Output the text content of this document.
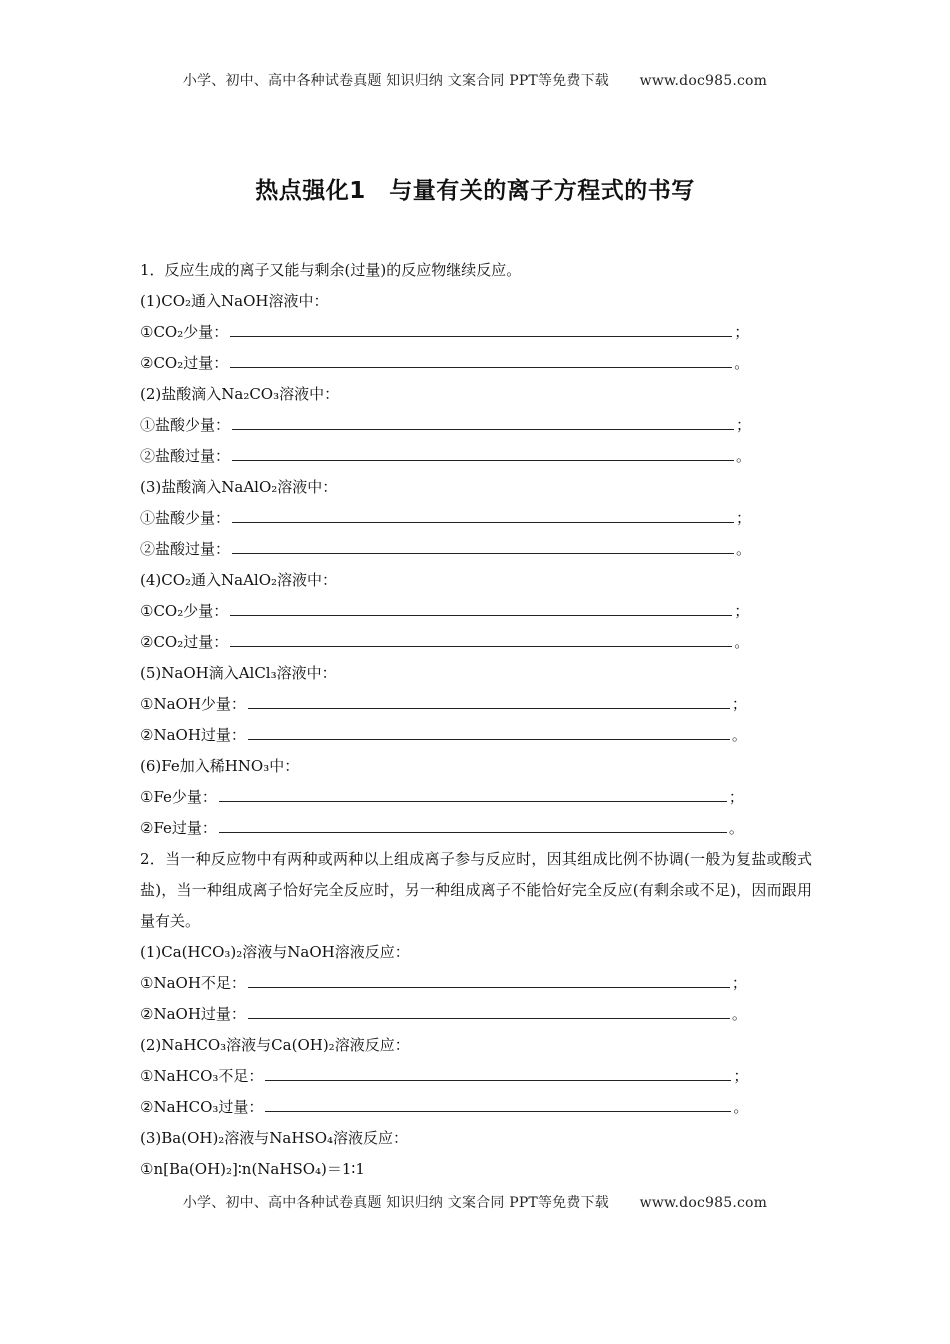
小学、初中、高中各种试卷真题 知识归纳 文案合同 PPT等免费下载 www.doc985.com
热点强化1　与量有关的离子方程式的书写
1．反应生成的离子又能与剩余(过量)的反应物继续反应。
(1)CO₂通入NaOH溶液中：
①CO₂少量：	；
②CO₂过量：	。
(2)盐酸滴入Na₂CO₃溶液中：
①盐酸少量：	；
②盐酸过量：	。
(3)盐酸滴入NaAlO₂溶液中：
①盐酸少量：	；
②盐酸过量：	。
(4)CO₂通入NaAlO₂溶液中：
①CO₂少量：	；
②CO₂过量：	。
(5)NaOH滴入AlCl₃溶液中：
①NaOH少量：	；
②NaOH过量：	。
(6)Fe加入稀HNO₃中：
①Fe少量：	；
②Fe过量：	。
2．当一种反应物中有两种或两种以上组成离子参与反应时，因其组成比例不协调(一般为复盐或酸式盐)，当一种组成离子恰好完全反应时，另一种组成离子不能恰好完全反应(有剩余或不足)，因而跟用量有关。
(1)Ca(HCO₃)₂溶液与NaOH溶液反应：
①NaOH不足：	；
②NaOH过量：	。
(2)NaHCO₃溶液与Ca(OH)₂溶液反应：
①NaHCO₃不足：	；
②NaHCO₃过量：	。
(3)Ba(OH)₂溶液与NaHSO₄溶液反应：
①n[Ba(OH)₂]∶n(NaHSO₄)＝1∶1
小学、初中、高中各种试卷真题 知识归纳 文案合同 PPT等免费下载 www.doc985.com
